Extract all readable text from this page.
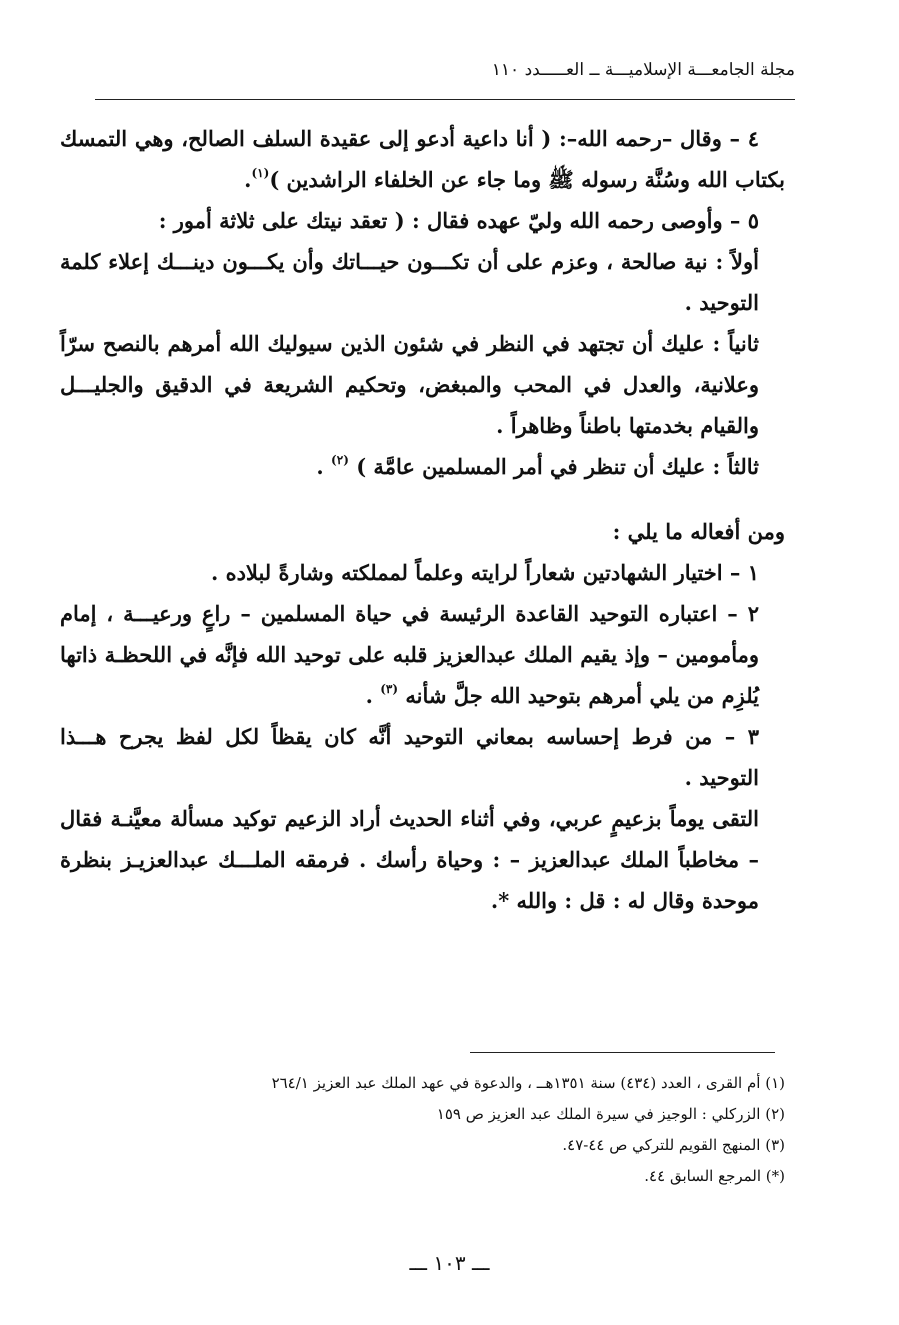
مجلة الجامعـــة الإسلاميـــة ــ العـــــدد ١١٠

٤ – وقال –رحمه الله–: ( أنا داعية أدعو إلى عقيدة السلف الصالح، وهي التمسك بكتاب الله وسُنَّة رسوله ﷺ وما جاء عن الخلفاء الراشدين )$^{(١)}$.

٥ – وأوصى رحمه الله وليّ عهده فقال : ( تعقد نيتك على ثلاثة أمور :

أولاً : نية صالحة ، وعزم على أن تكـــون حيـــاتك وأن يكـــون دينـــك إعلاء كلمة التوحيد .

ثانياً : عليك أن تجتهد في النظر في شئون الذين سيوليك الله أمرهم بالنصح سرّاً وعلانية، والعدل في المحب والمبغض، وتحكيم الشريعة في الدقيق والجليـــل والقيام بخدمتها باطناً وظاهراً .

ثالثاً : عليك أن تنظر في أمر المسلمين عامَّة ) $^{(٢)}$ .

ومن أفعاله ما يلي :

١ – اختيار الشهادتين شعاراً لرايته وعلماً لمملكته وشارةً لبلاده .

٢ – اعتباره التوحيد القاعدة الرئيسة في حياة المسلمين – راعٍ ورعيـــة ، إمام ومأمومين – وإذ يقيم الملك عبدالعزيز قلبه على توحيد الله فإنَّه في اللحظـة ذاتها يُلزِم من يلي أمرهم بتوحيد الله جلَّ شأنه $^{(٣)}$ .

٣ – من فرط إحساسه بمعاني التوحيد أنَّه كان يقظاً لكل لفظ يجرح هـــذا التوحيد .

التقى يوماً بزعيمٍ عربي، وفي أثناء الحديث أراد الزعيم توكيد مسألة معيَّنـة فقال – مخاطباً الملك عبدالعزيز – : وحياة رأسك . فرمقه الملـــك عبدالعزيـز بنظرة موحدة وقال له : قل : والله *.

(١) أم القرى ، العدد (٤٣٤) سنة ١٣٥١هــ ، والدعوة في عهد الملك عبد العزيز ٢٦٤/١
(٢) الزركلي : الوجيز في سيرة الملك عبد العزيز ص ١٥٩
(٣) المنهج القويم للتركي ص ٤٤-٤٧.
(*) المرجع السابق ٤٤.
ـــ ١٠٣ ـــ
